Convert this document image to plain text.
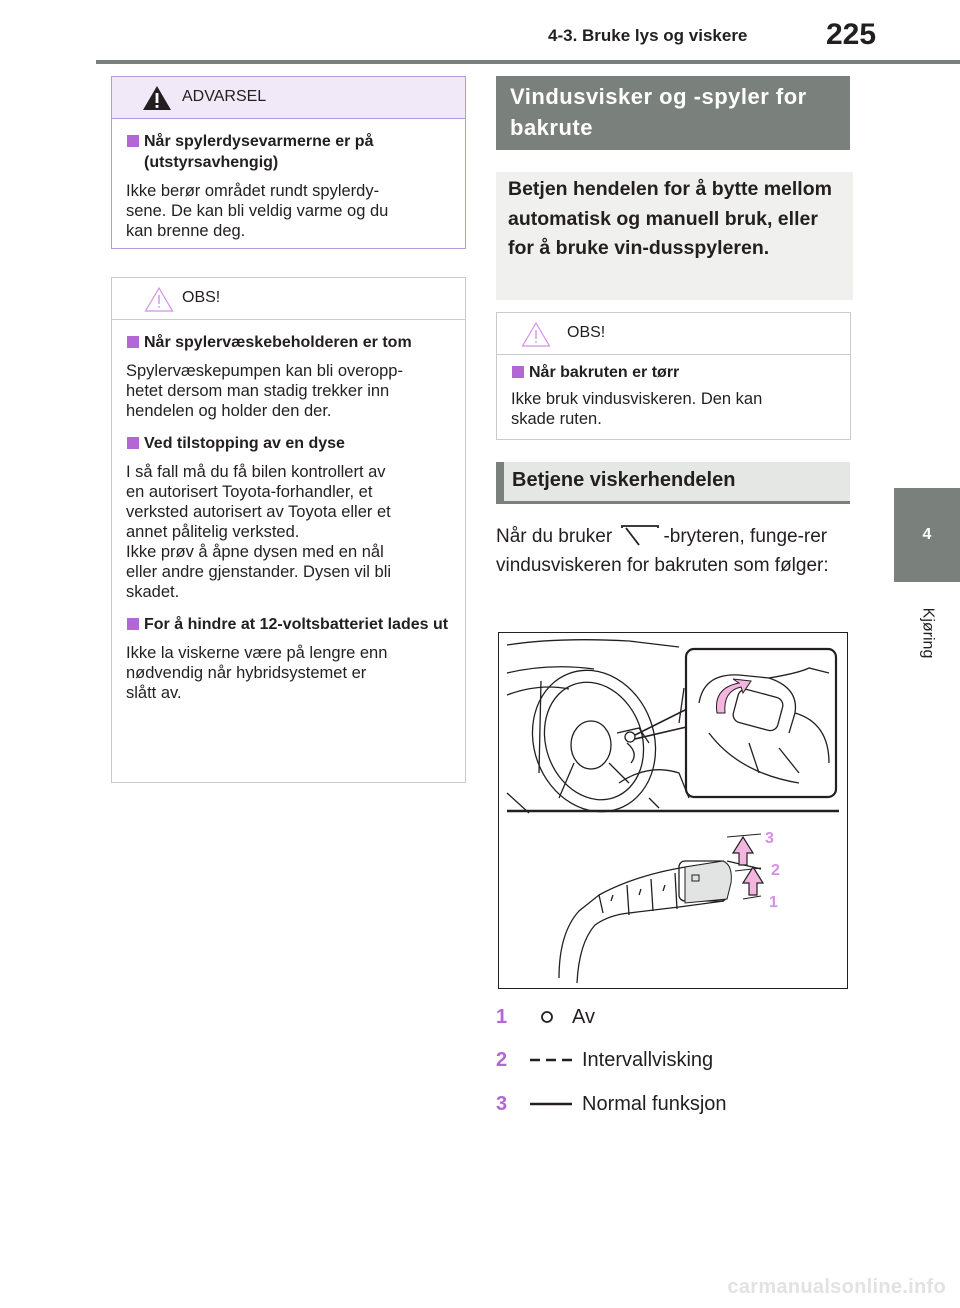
4-3. Bruke lys og viskere	225
4
Kjøring
ADVARSEL
Når spylerdysevarmerne er på (utstyrsavhengig)
Ikke berør området rundt spylerdy-
sene. De kan bli veldig varme og du
kan brenne deg.
OBS!
Når spylervæskebeholderen er tom
Spylervæskepumpen kan bli overopp-
hetet dersom man stadig trekker inn
hendelen og holder den der.
Ved tilstopping av en dyse
I så fall må du få bilen kontrollert av
en autorisert Toyota-forhandler, et
verksted autorisert av Toyota eller et
annet pålitelig verksted.
Ikke prøv å åpne dysen med en nål
eller andre gjenstander. Dysen vil bli
skadet.
For å hindre at 12-voltsbatteriet lades ut
Ikke la viskerne være på lengre enn
nødvendig når hybridsystemet er
slått av.
Vindusvisker og -spyler for bakrute
Betjen hendelen for å bytte mellom automatisk og manuell bruk, eller for å bruke vin-dusspyleren.
OBS!
Når bakruten er tørr
Ikke bruk vindusviskeren. Den kan
skade ruten.
Betjene viskerhendelen
Når du bruker	-bryteren, funge-rer vindusviskeren for bakruten som følger:
3
2
1
1	Av
2	Intervallvisking
3	Normal funksjon
carmanualsonline.info
